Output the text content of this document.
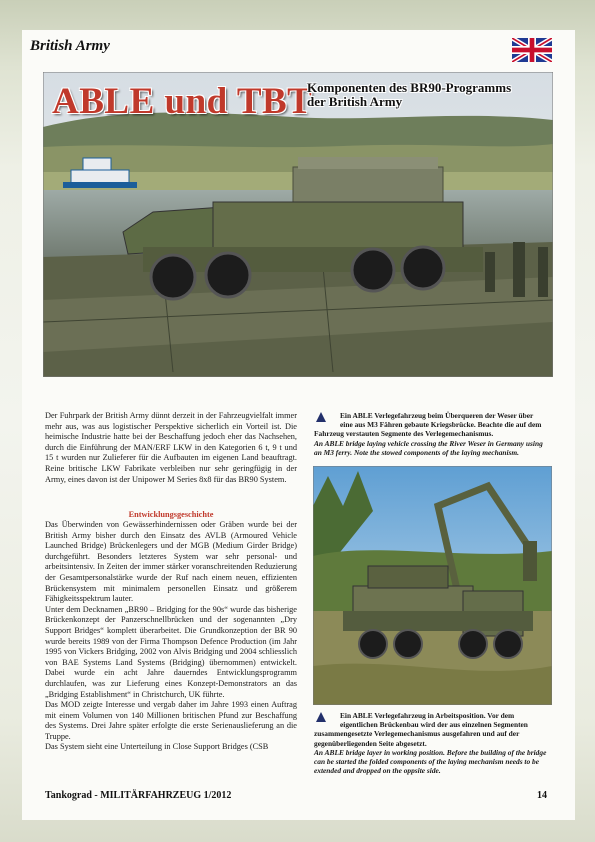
British Army
ABLE und TBT
Komponenten des BR90-Programms
der British Army

Der Fuhrpark der British Army dünnt derzeit in der Fahrzeugvielfalt immer mehr aus, was aus logistischer Perspektive sicherlich ein Vorteil ist. Die heimische Industrie hatte bei der Beschaffung jedoch eher das Nachsehen, durch die Einführung der MAN/ERF LKW in den Kategorien 6 t, 9 t und 15 t wurden nur Zulieferer für die Aufbauten im eigenen Land beauftragt. Reine britische LKW Fabrikate verbleiben nur sehr geringfügig in der Army, eines davon ist der Unipower M Series 8x8 für das BR90 System.

Entwicklungsgeschichte

Das Überwinden von Gewässerhindernissen oder Gräben wurde bei der British Army bisher durch den Einsatz des AVLB (Armoured Vehicle Launched Bridge) Brückenlegers und der MGB (Medium Girder Bridge) durchgeführt. Besonders letzteres System war sehr personal- und arbeitsintensiv. In Zeiten der immer stärker voranschreitenden Reduzierung der Gesamtpersonalstärke wurde der Ruf nach einem neuen, effizienten Brückensystem mit minimalem personellen Einsatz und größerem Fähigkeitsspektrum lauter.

Unter dem Decknamen „BR90 – Bridging for the 90s“ wurde das bisherige Brückenkonzept der Panzerschnellbrücken und der sogenannten „Dry Support Bridges“ komplett überarbeitet. Die Grundkonzeption der BR 90 wurde bereits 1989 von der Firma Thompson Defence Production (im Jahr 1995 von Vickers Bridging, 2002 von Alvis Bridging und 2004 schliesslich von BAE Systems Land Systems (Bridging) übernommen) entwickelt. Dabei wurde ein acht Jahre dauerndes Entwicklungsprogramm durchlaufen, was zur Lieferung eines Konzept-Demonstrators an das „Bridging Establishment“ in Christchurch, UK führte.

Das MOD zeigte Interesse und vergab daher im Jahre 1993 einen Auftrag mit einem Volumen von 140 Millionen britischen Pfund zur Beschaffung des Systems. Drei Jahre später erfolgte die erste Serienauslieferung an die Truppe.

Das System sieht eine Unterteilung in Close Support Bridges (CSB

Ein ABLE Verlegefahrzeug beim Überqueren der Weser über
eine aus M3 Fähren gebaute Kriegsbrücke. Beachte die auf dem
Fahrzeug verstauten Segmente des Verlegemechanismus.
An ABLE bridge laying vehicle crossing the River Weser in Germany using an M3 ferry. Note the stowed components of the laying mechanism.
Ein ABLE Verlegefahrzeug in Arbeitsposition. Vor dem
eigentlichen Brückenbau wird der aus einzelnen Segmenten
zusammengesetzte Verlegemechanismus ausgefahren und auf der gegenüberliegenden Seite abgesetzt.
An ABLE bridge layer in working position. Before the building of the bridge can be started the folded components of the laying mechanism needs to be extended and dropped on the oppsite side.
Tankograd - MILITÄRFAHRZEUG 1/2012	14
